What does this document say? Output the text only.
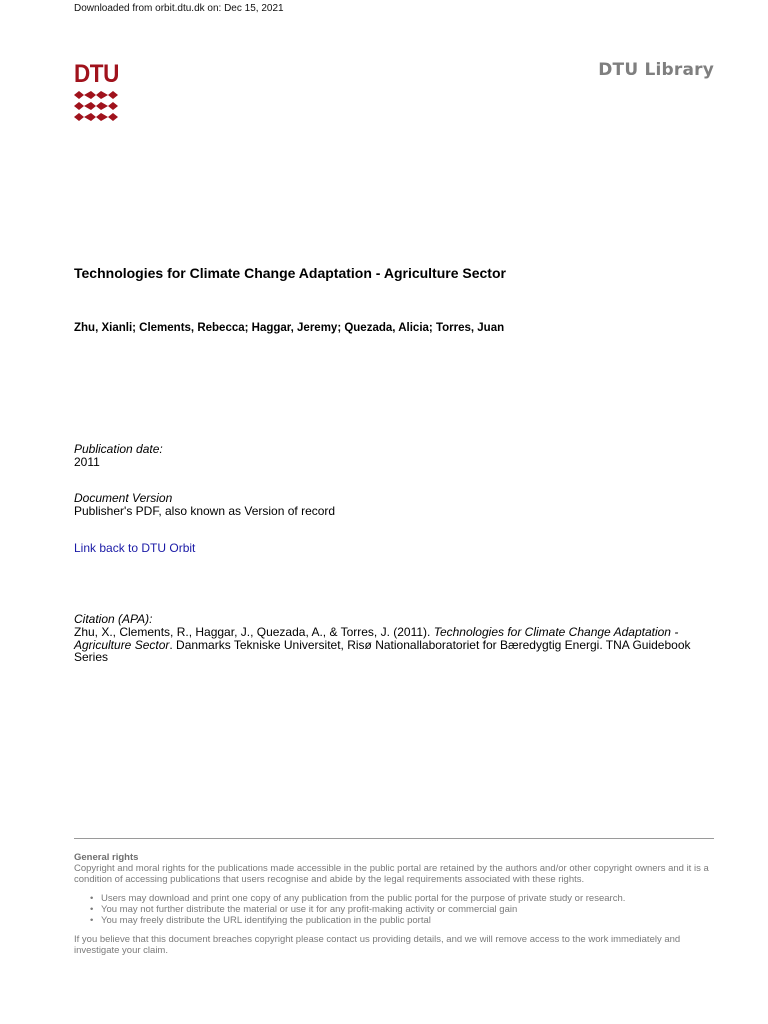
Downloaded from orbit.dtu.dk on: Dec 15, 2021
DTU	DTU Library
Technologies for Climate Change Adaptation - Agriculture Sector
Zhu, Xianli; Clements, Rebecca; Haggar, Jeremy; Quezada, Alicia; Torres, Juan
Publication date:
2011
Document Version
Publisher's PDF, also known as Version of record
Link back to DTU Orbit
Citation (APA):
Zhu, X., Clements, R., Haggar, J., Quezada, A., & Torres, J. (2011). Technologies for Climate Change Adaptation - Agriculture Sector. Danmarks Tekniske Universitet, Risø Nationallaboratoriet for Bæredygtig Energi. TNA Guidebook Series
General rights
Copyright and moral rights for the publications made accessible in the public portal are retained by the authors and/or other copyright owners and it is a condition of accessing publications that users recognise and abide by the legal requirements associated with these rights.
• Users may download and print one copy of any publication from the public portal for the purpose of private study or research.
• You may not further distribute the material or use it for any profit-making activity or commercial gain
• You may freely distribute the URL identifying the publication in the public portal
If you believe that this document breaches copyright please contact us providing details, and we will remove access to the work immediately and investigate your claim.
